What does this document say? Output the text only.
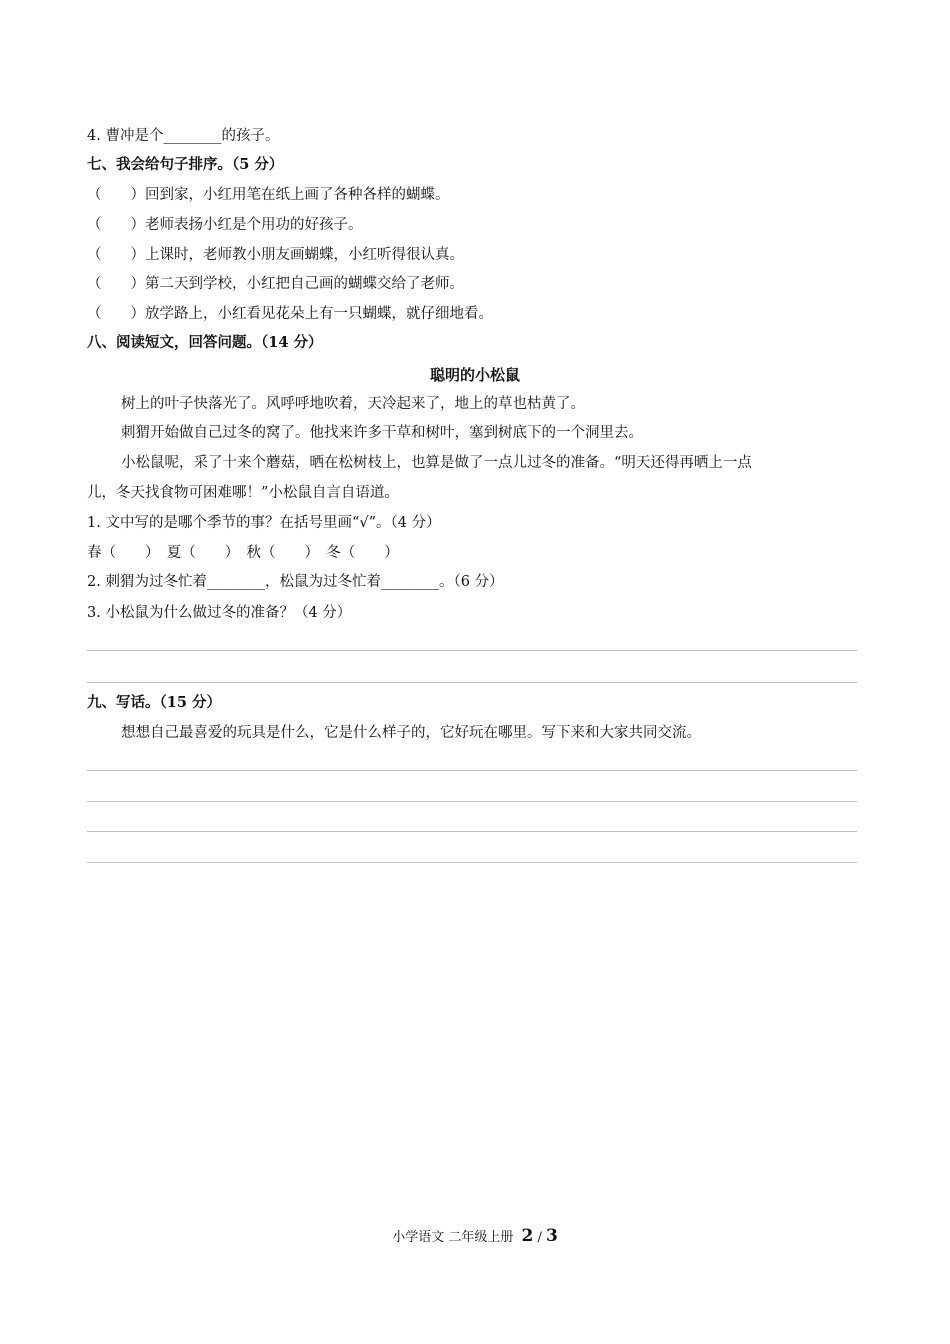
4. 曹冲是个________的孩子。
七、我会给句子排序。（5 分）
（　　）回到家，小红用笔在纸上画了各种各样的蝴蝶。
（　　）老师表扬小红是个用功的好孩子。
（　　）上课时，老师教小朋友画蝴蝶，小红听得很认真。
（　　）第二天到学校，小红把自己画的蝴蝶交给了老师。
（　　）放学路上，小红看见花朵上有一只蝴蝶，就仔细地看。
八、阅读短文，回答问题。（14 分）
聪明的小松鼠
树上的叶子快落光了。风呼呼地吹着，天冷起来了，地上的草也枯黄了。
刺猬开始做自己过冬的窝了。他找来许多干草和树叶，塞到树底下的一个洞里去。
小松鼠呢，采了十来个蘑菇，晒在松树枝上，也算是做了一点儿过冬的准备。“明天还得再晒上一点
儿，冬天找食物可困难哪！”小松鼠自言自语道。
1. 文中写的是哪个季节的事？在括号里画“√”。（4 分）
春（　　）　夏（　　）　秋（　　）　冬（　　）
2. 刺猬为过冬忙着________，松鼠为过冬忙着________。（6 分）
3. 小松鼠为什么做过冬的准备？（4 分）
九、写话。（15 分）
想想自己最喜爱的玩具是什么，它是什么样子的，它好玩在哪里。写下来和大家共同交流。
小学语文 二年级上册 2 / 3
